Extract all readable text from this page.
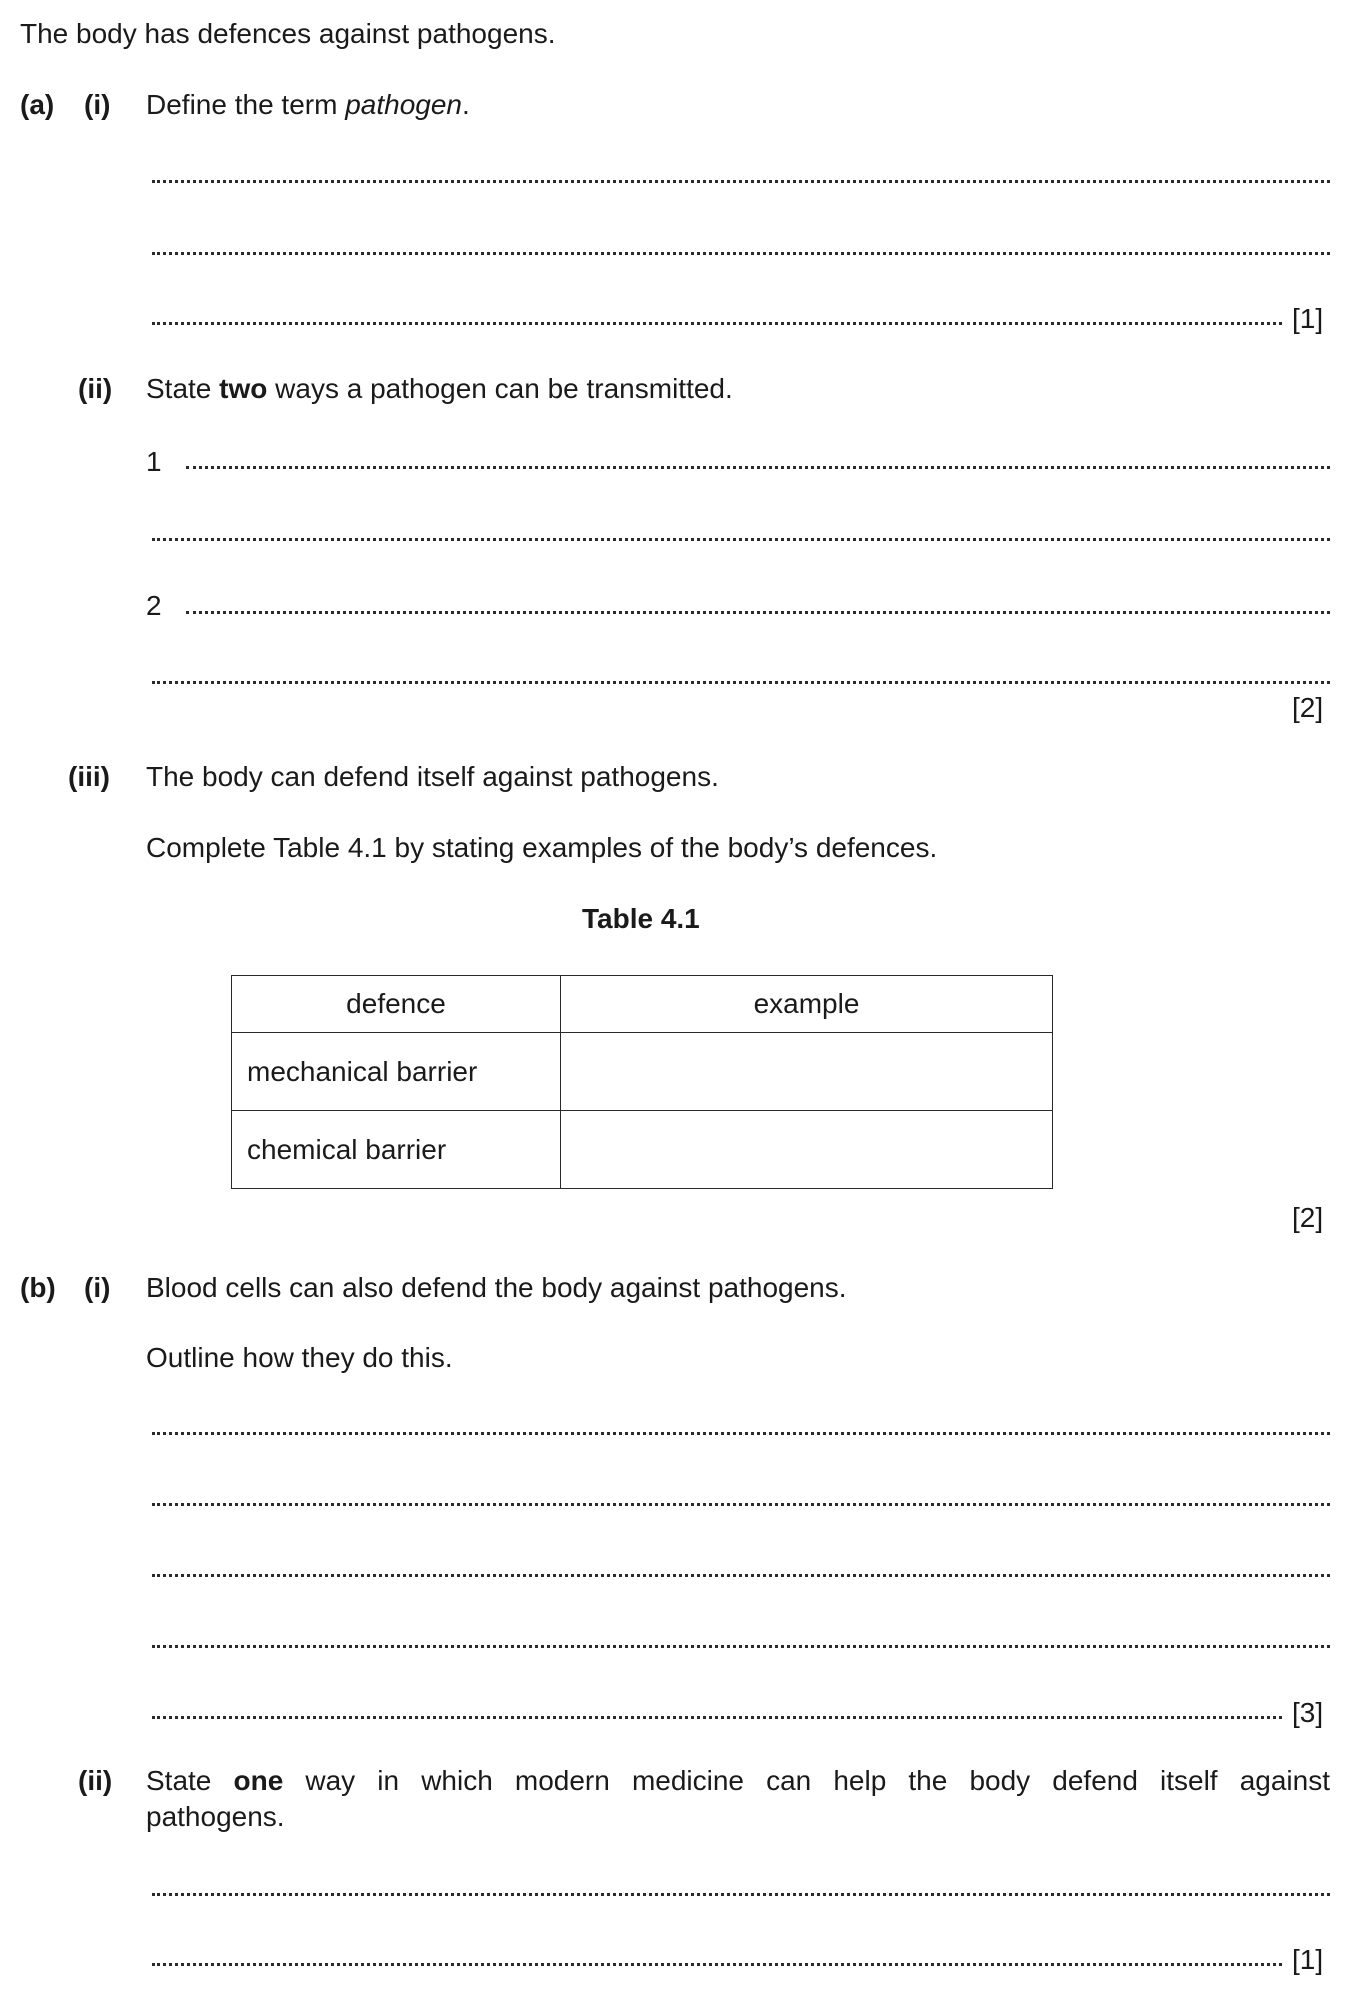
The body has defences against pathogens.
(a) (i) Define the term pathogen.
[1]
(ii) State two ways a pathogen can be transmitted.
1
2
[2]
(iii) The body can defend itself against pathogens.
Complete Table 4.1 by stating examples of the body’s defences.
Table 4.1
defence	example
mechanical barrier	
chemical barrier	
[2]
(b) (i) Blood cells can also defend the body against pathogens.
Outline how they do this.
[3]
(ii) State one way in which modern medicine can help the body defend itself against
pathogens.
[1]
